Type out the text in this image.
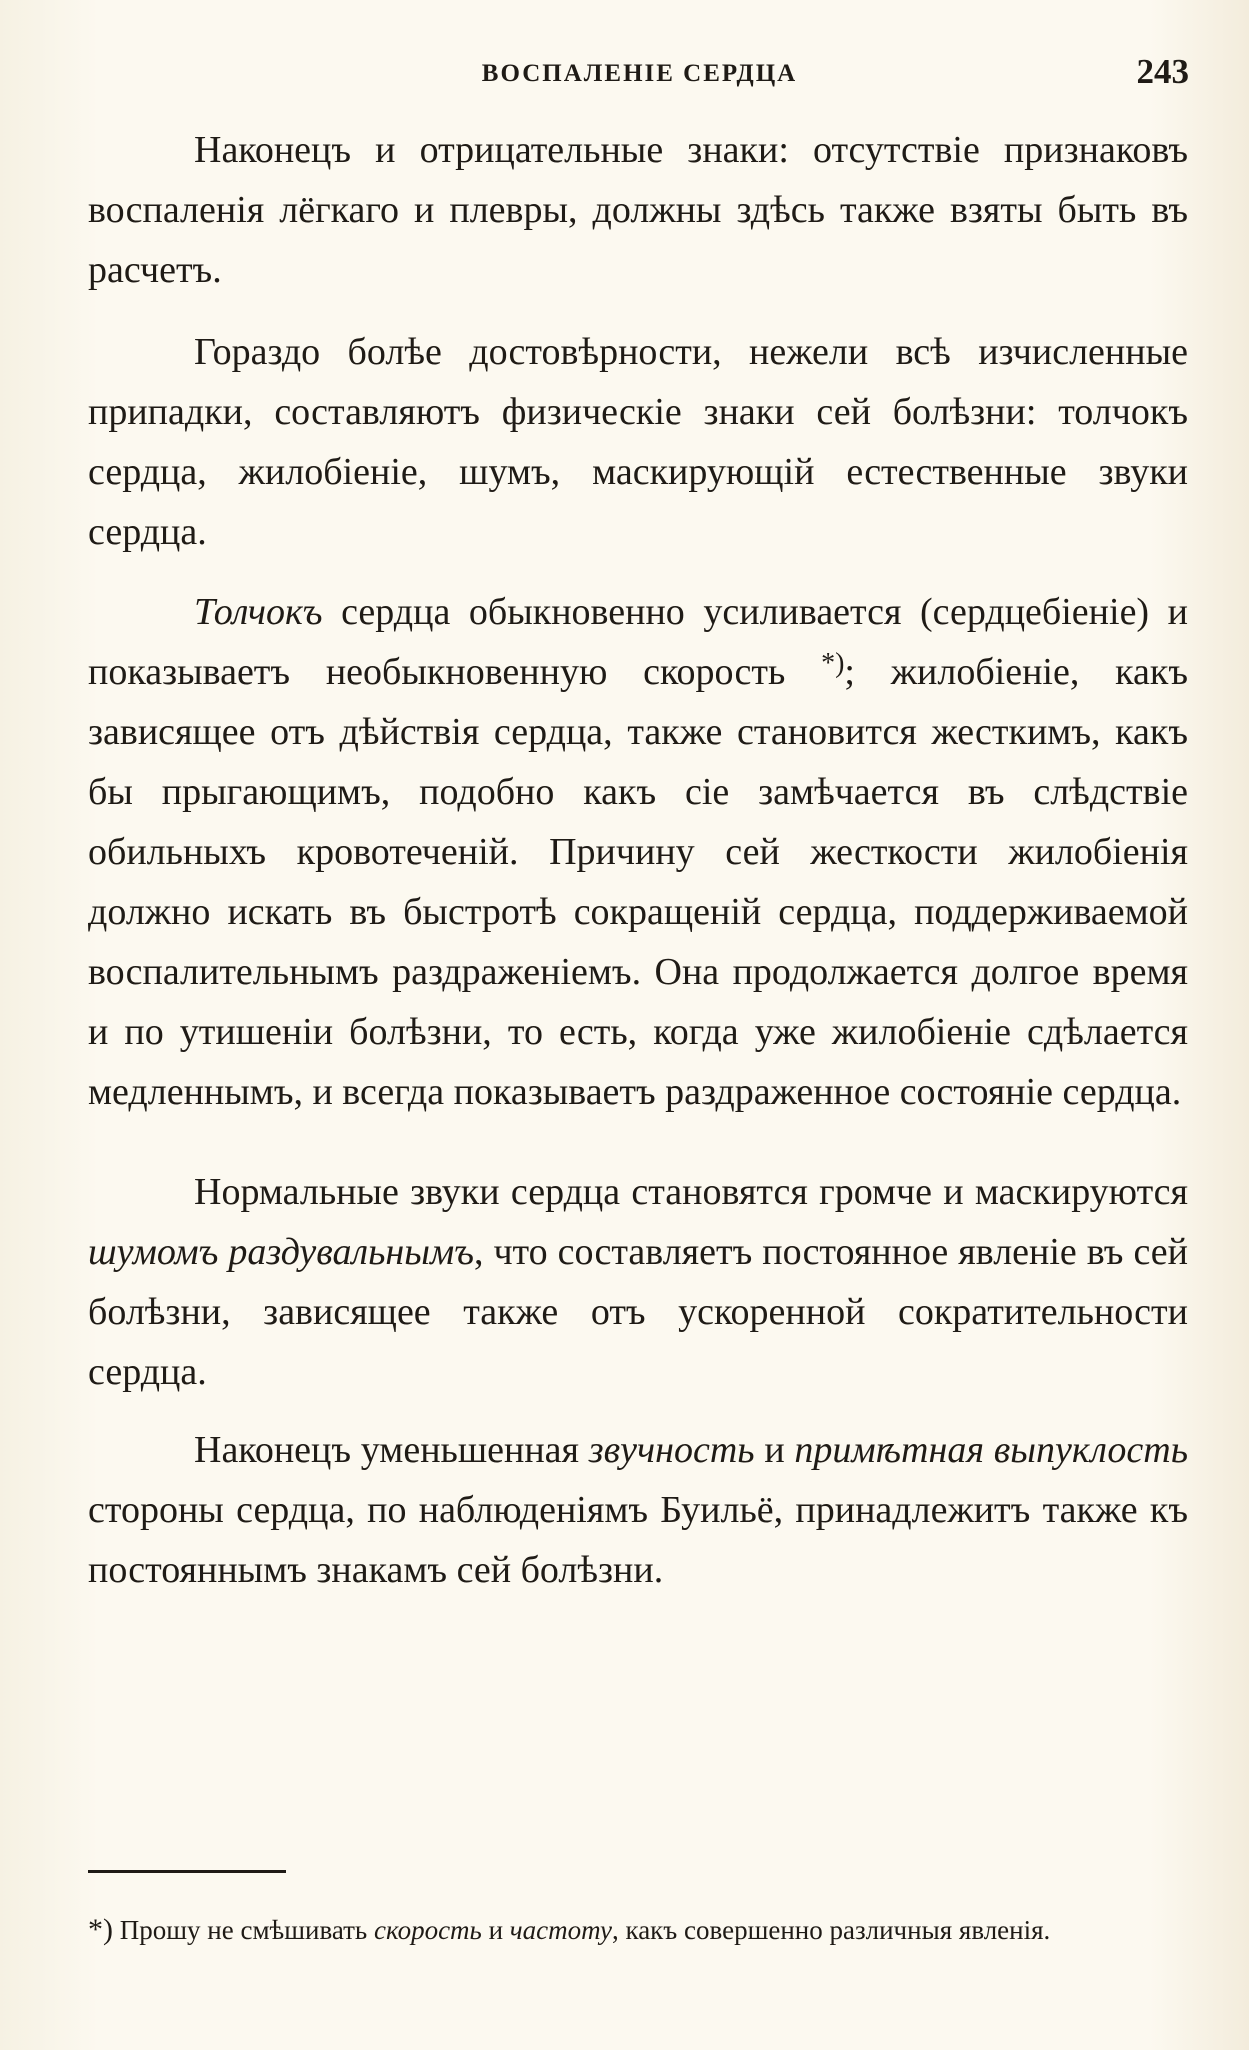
ВОСПАЛЕНІЕ СЕРДЦА	243

Наконецъ и отрицательные знаки: отсутствіе признаковъ воспаленія лёгкаго и плевры, должны здѣсь также взяты быть въ расчетъ.

Гораздо болѣе достовѣрности, нежели всѣ изчисленные припадки, составляютъ физическіе знаки сей болѣзни: толчокъ сердца, жилобіеніе, шумъ, маскирующій естественные звуки сердца.

Толчокъ сердца обыкновенно усиливается (сердцебіеніе) и показываетъ необыкновенную скорость *); жилобіеніе, какъ зависящее отъ дѣйствія сердца, также становится жесткимъ, какъ бы прыгающимъ, подобно какъ сіе замѣчается въ слѣдствіе обильныхъ кровотеченій. Причину сей жесткости жилобіенія должно искать въ быстротѣ сокращеній сердца, поддерживаемой воспалительнымъ раздраженіемъ. Она продолжается долгое время и по утишеніи болѣзни, то есть, когда уже жилобіеніе сдѣлается медленнымъ, и всегда показываетъ раздраженное состояніе сердца.

Нормальные звуки сердца становятся громче и маскируются шумомъ раздувальнымъ, что составляетъ постоянное явленіе въ сей болѣзни, зависящее также отъ ускоренной сократительности сердца.

Наконецъ уменьшенная звучность и примѣтная выпуклость стороны сердца, по наблюденіямъ Буильё, принадлежитъ также къ постояннымъ знакамъ сей болѣзни.

*) Прошу не смѣшивать скорость и частоту, какъ совершенно различныя явленія.
